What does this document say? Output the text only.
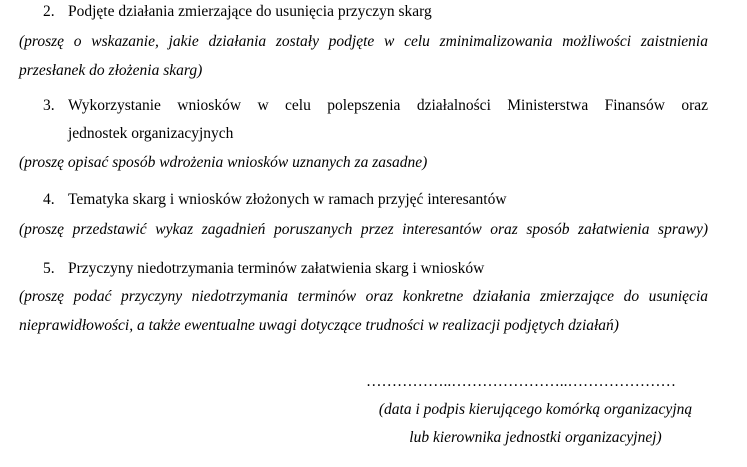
2. Podjęte działania zmierzające do usunięcia przyczyn skarg
(proszę o wskazanie, jakie działania zostały podjęte w celu zminimalizowania możliwości zaistnienia
przesłanek do złożenia skarg)
3. Wykorzystanie wniosków w celu polepszenia działalności Ministerstwa Finansów oraz
jednostek organizacyjnych
(proszę opisać sposób wdrożenia wniosków uznanych za zasadne)
4. Tematyka skarg i wniosków złożonych w ramach przyjęć interesantów
(proszę przedstawić wykaz zagadnień poruszanych przez interesantów oraz sposób załatwienia sprawy)
5. Przyczyny niedotrzymania terminów załatwienia skarg i wniosków
(proszę podać przyczyny niedotrzymania terminów oraz konkretne działania zmierzające do usunięcia
nieprawidłowości, a także ewentualne uwagi dotyczące trudności w realizacji podjętych działań)
……………..…………………..…………………
(data i podpis kierującego komórką organizacyjną
lub kierownika jednostki organizacyjnej)
